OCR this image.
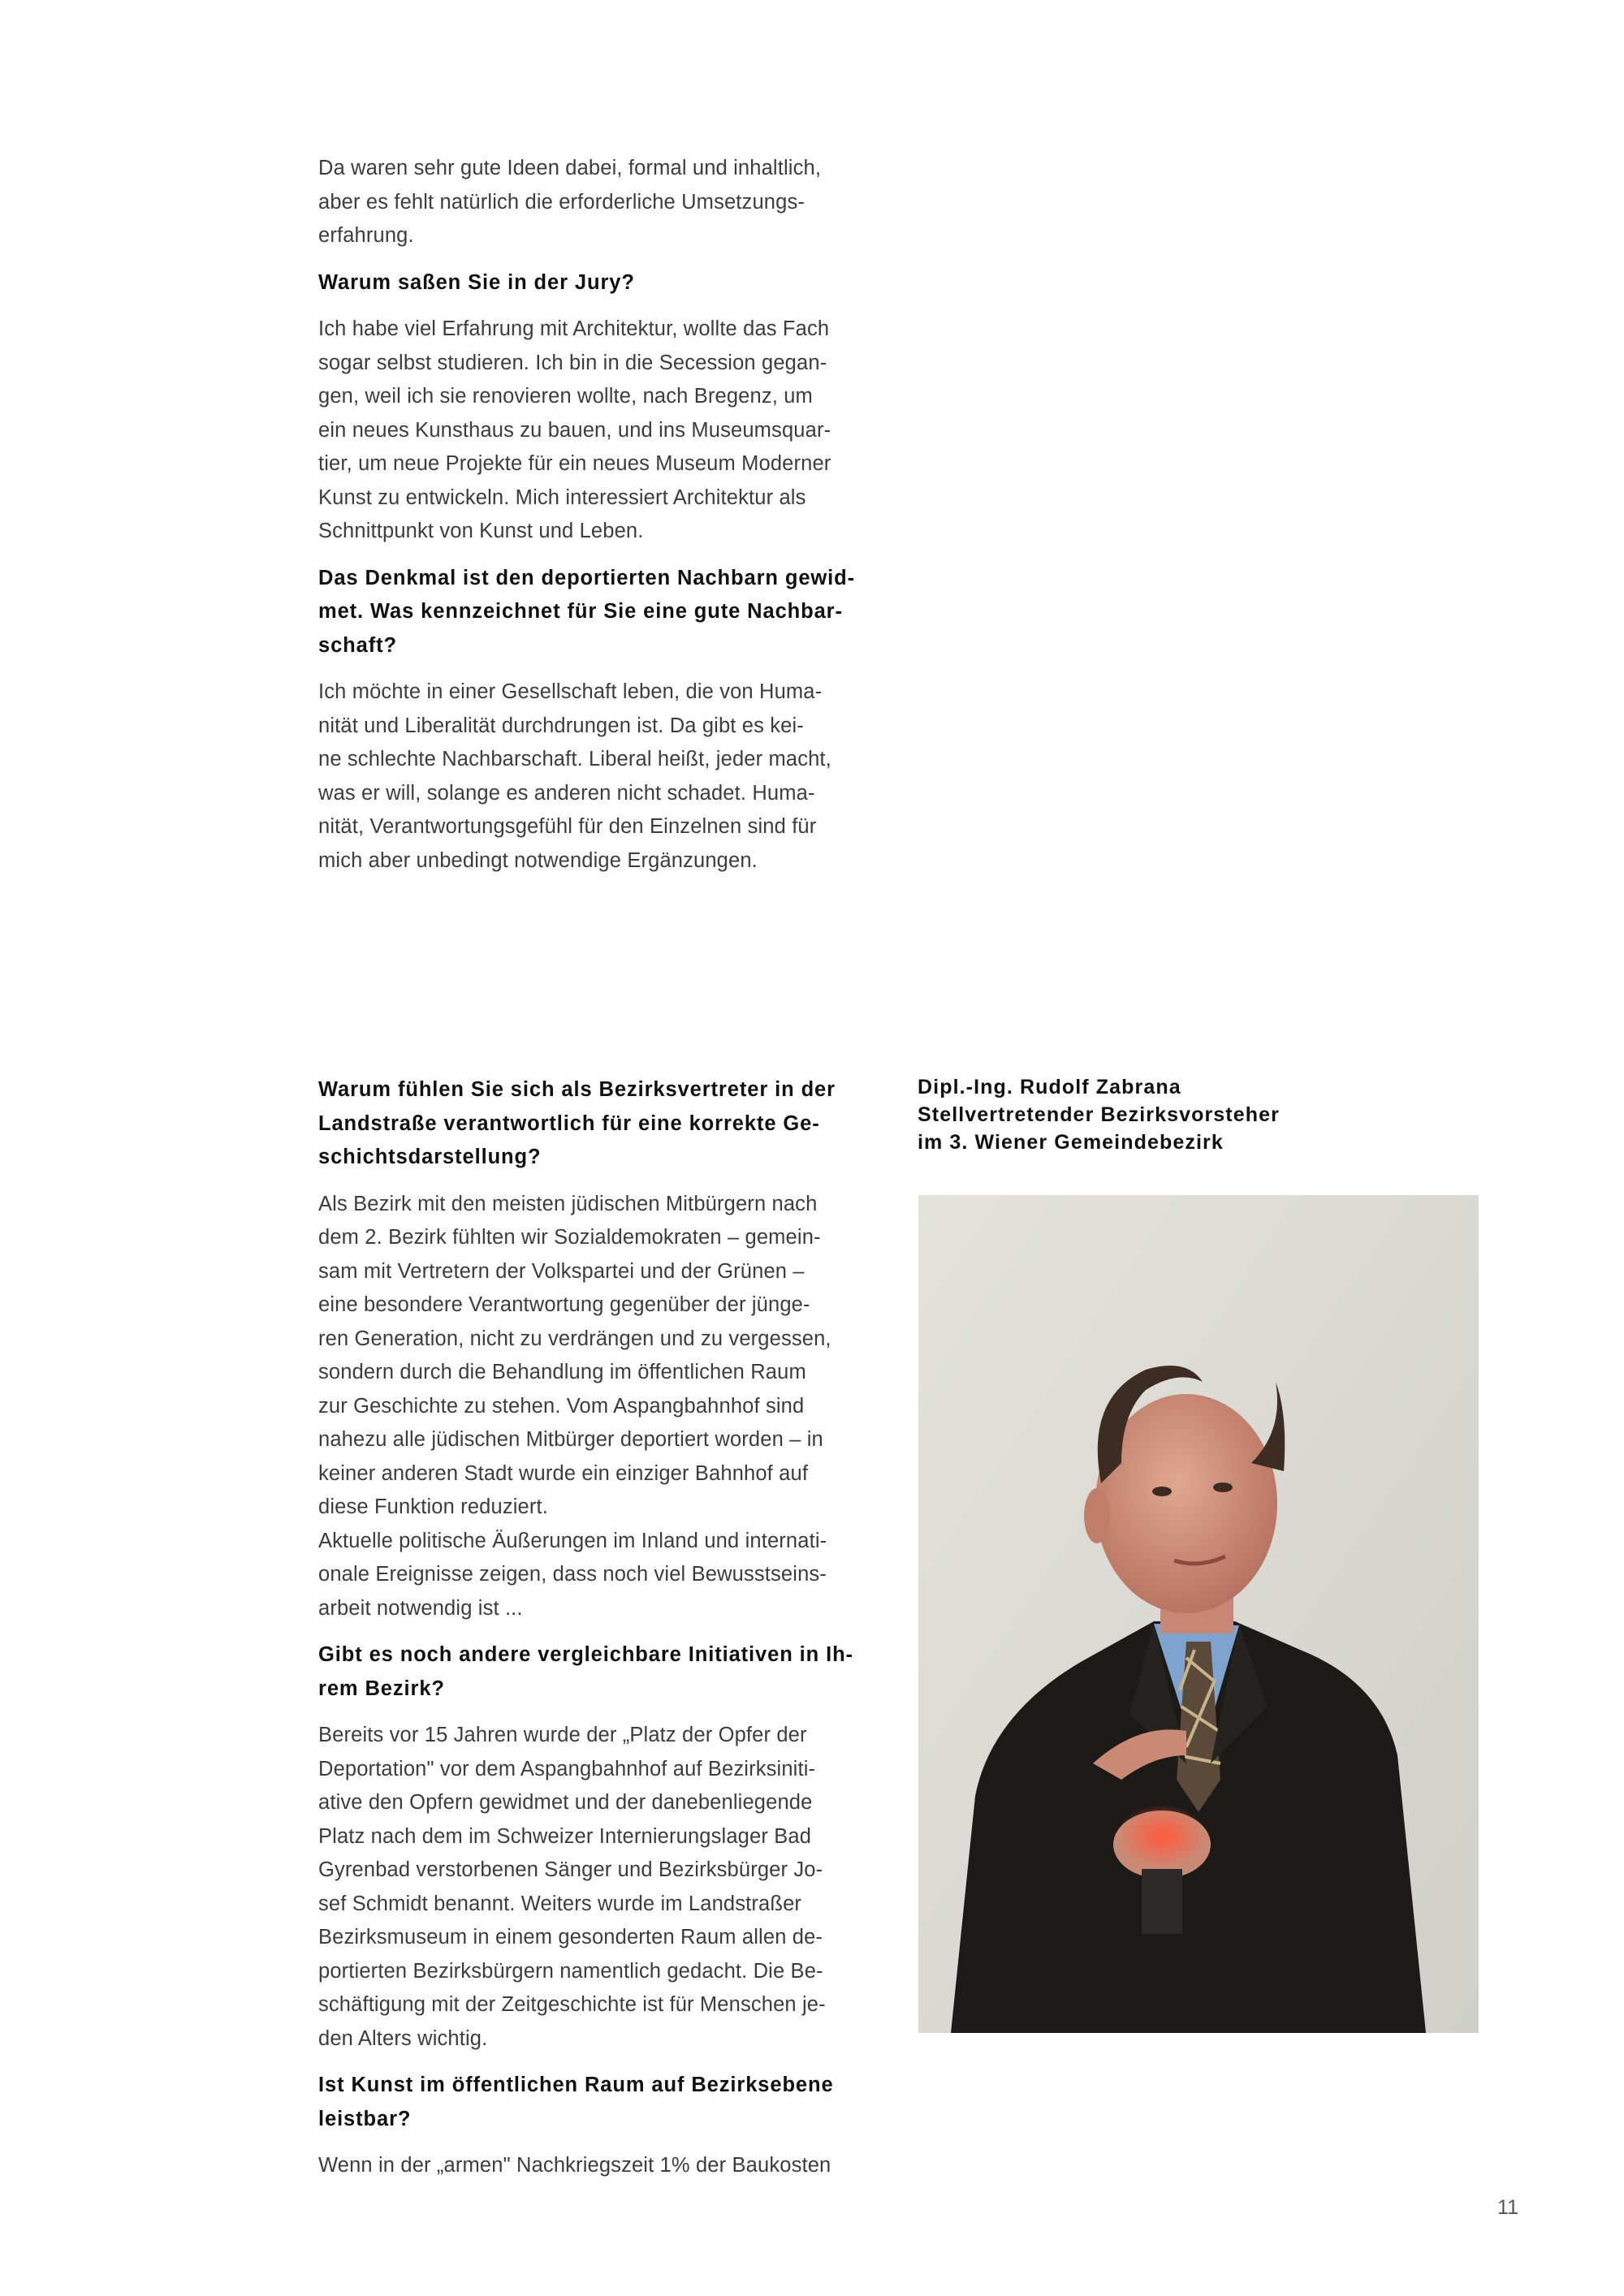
Da waren sehr gute Ideen dabei, formal und inhaltlich,

aber es fehlt natürlich die erforderliche Umsetzungs-

erfahrung.

Warum saßen Sie in der Jury?

Ich habe viel Erfahrung mit Architektur, wollte das Fach

sogar selbst studieren. Ich bin in die Secession gegan-

gen, weil ich sie renovieren wollte, nach Bregenz, um

ein neues Kunsthaus zu bauen, und ins Museumsquar-

tier, um neue Projekte für ein neues Museum Moderner

Kunst zu entwickeln. Mich interessiert Architektur als

Schnittpunkt von Kunst und Leben.

Das Denkmal ist den deportierten Nachbarn gewid-
met. Was kennzeichnet für Sie eine gute Nachbar-
schaft?

Ich möchte in einer Gesellschaft leben, die von Huma-

nität und Liberalität durchdrungen ist. Da gibt es kei-

ne schlechte Nachbarschaft. Liberal heißt, jeder macht,

was er will, solange es anderen nicht schadet. Huma-

nität, Verantwortungsgefühl für den Einzelnen sind für

mich aber unbedingt notwendige Ergänzungen.

Warum fühlen Sie sich als Bezirksvertreter in der
Landstraße verantwortlich für eine korrekte Ge-
schichtsdarstellung?

Als Bezirk mit den meisten jüdischen Mitbürgern nach

dem 2. Bezirk fühlten wir Sozialdemokraten – gemein-

sam mit Vertretern der Volkspartei und der Grünen –

eine besondere Verantwortung gegenüber der jünge-

ren Generation, nicht zu verdrängen und zu vergessen,

sondern durch die Behandlung im öffentlichen Raum

zur Geschichte zu stehen. Vom Aspangbahnhof sind

nahezu alle jüdischen Mitbürger deportiert worden – in

keiner anderen Stadt wurde ein einziger Bahnhof auf

diese Funktion reduziert.

Aktuelle politische Äußerungen im Inland und internati-

onale Ereignisse zeigen, dass noch viel Bewusstseins-

arbeit notwendig ist ...

Gibt es noch andere vergleichbare Initiativen in Ih-
rem Bezirk?

Bereits vor 15 Jahren wurde der „Platz der Opfer der

Deportation" vor dem Aspangbahnhof auf Bezirksiniti-

ative den Opfern gewidmet und der danebenliegende

Platz nach dem im Schweizer Internierungslager Bad

Gyrenbad verstorbenen Sänger und Bezirksbürger Jo-

sef Schmidt benannt. Weiters wurde im Landstraßer

Bezirksmuseum in einem gesonderten Raum allen de-

portierten Bezirksbürgern namentlich gedacht. Die Be-

schäftigung mit der Zeitgeschichte ist für Menschen je-

den Alters wichtig.

Ist Kunst im öffentlichen Raum auf Bezirksebene
leistbar?

Wenn in der „armen" Nachkriegszeit 1% der Baukosten

Dipl.-Ing. Rudolf Zabrana

Stellvertretender Bezirksvorsteher

im 3. Wiener Gemeindebezirk

11
